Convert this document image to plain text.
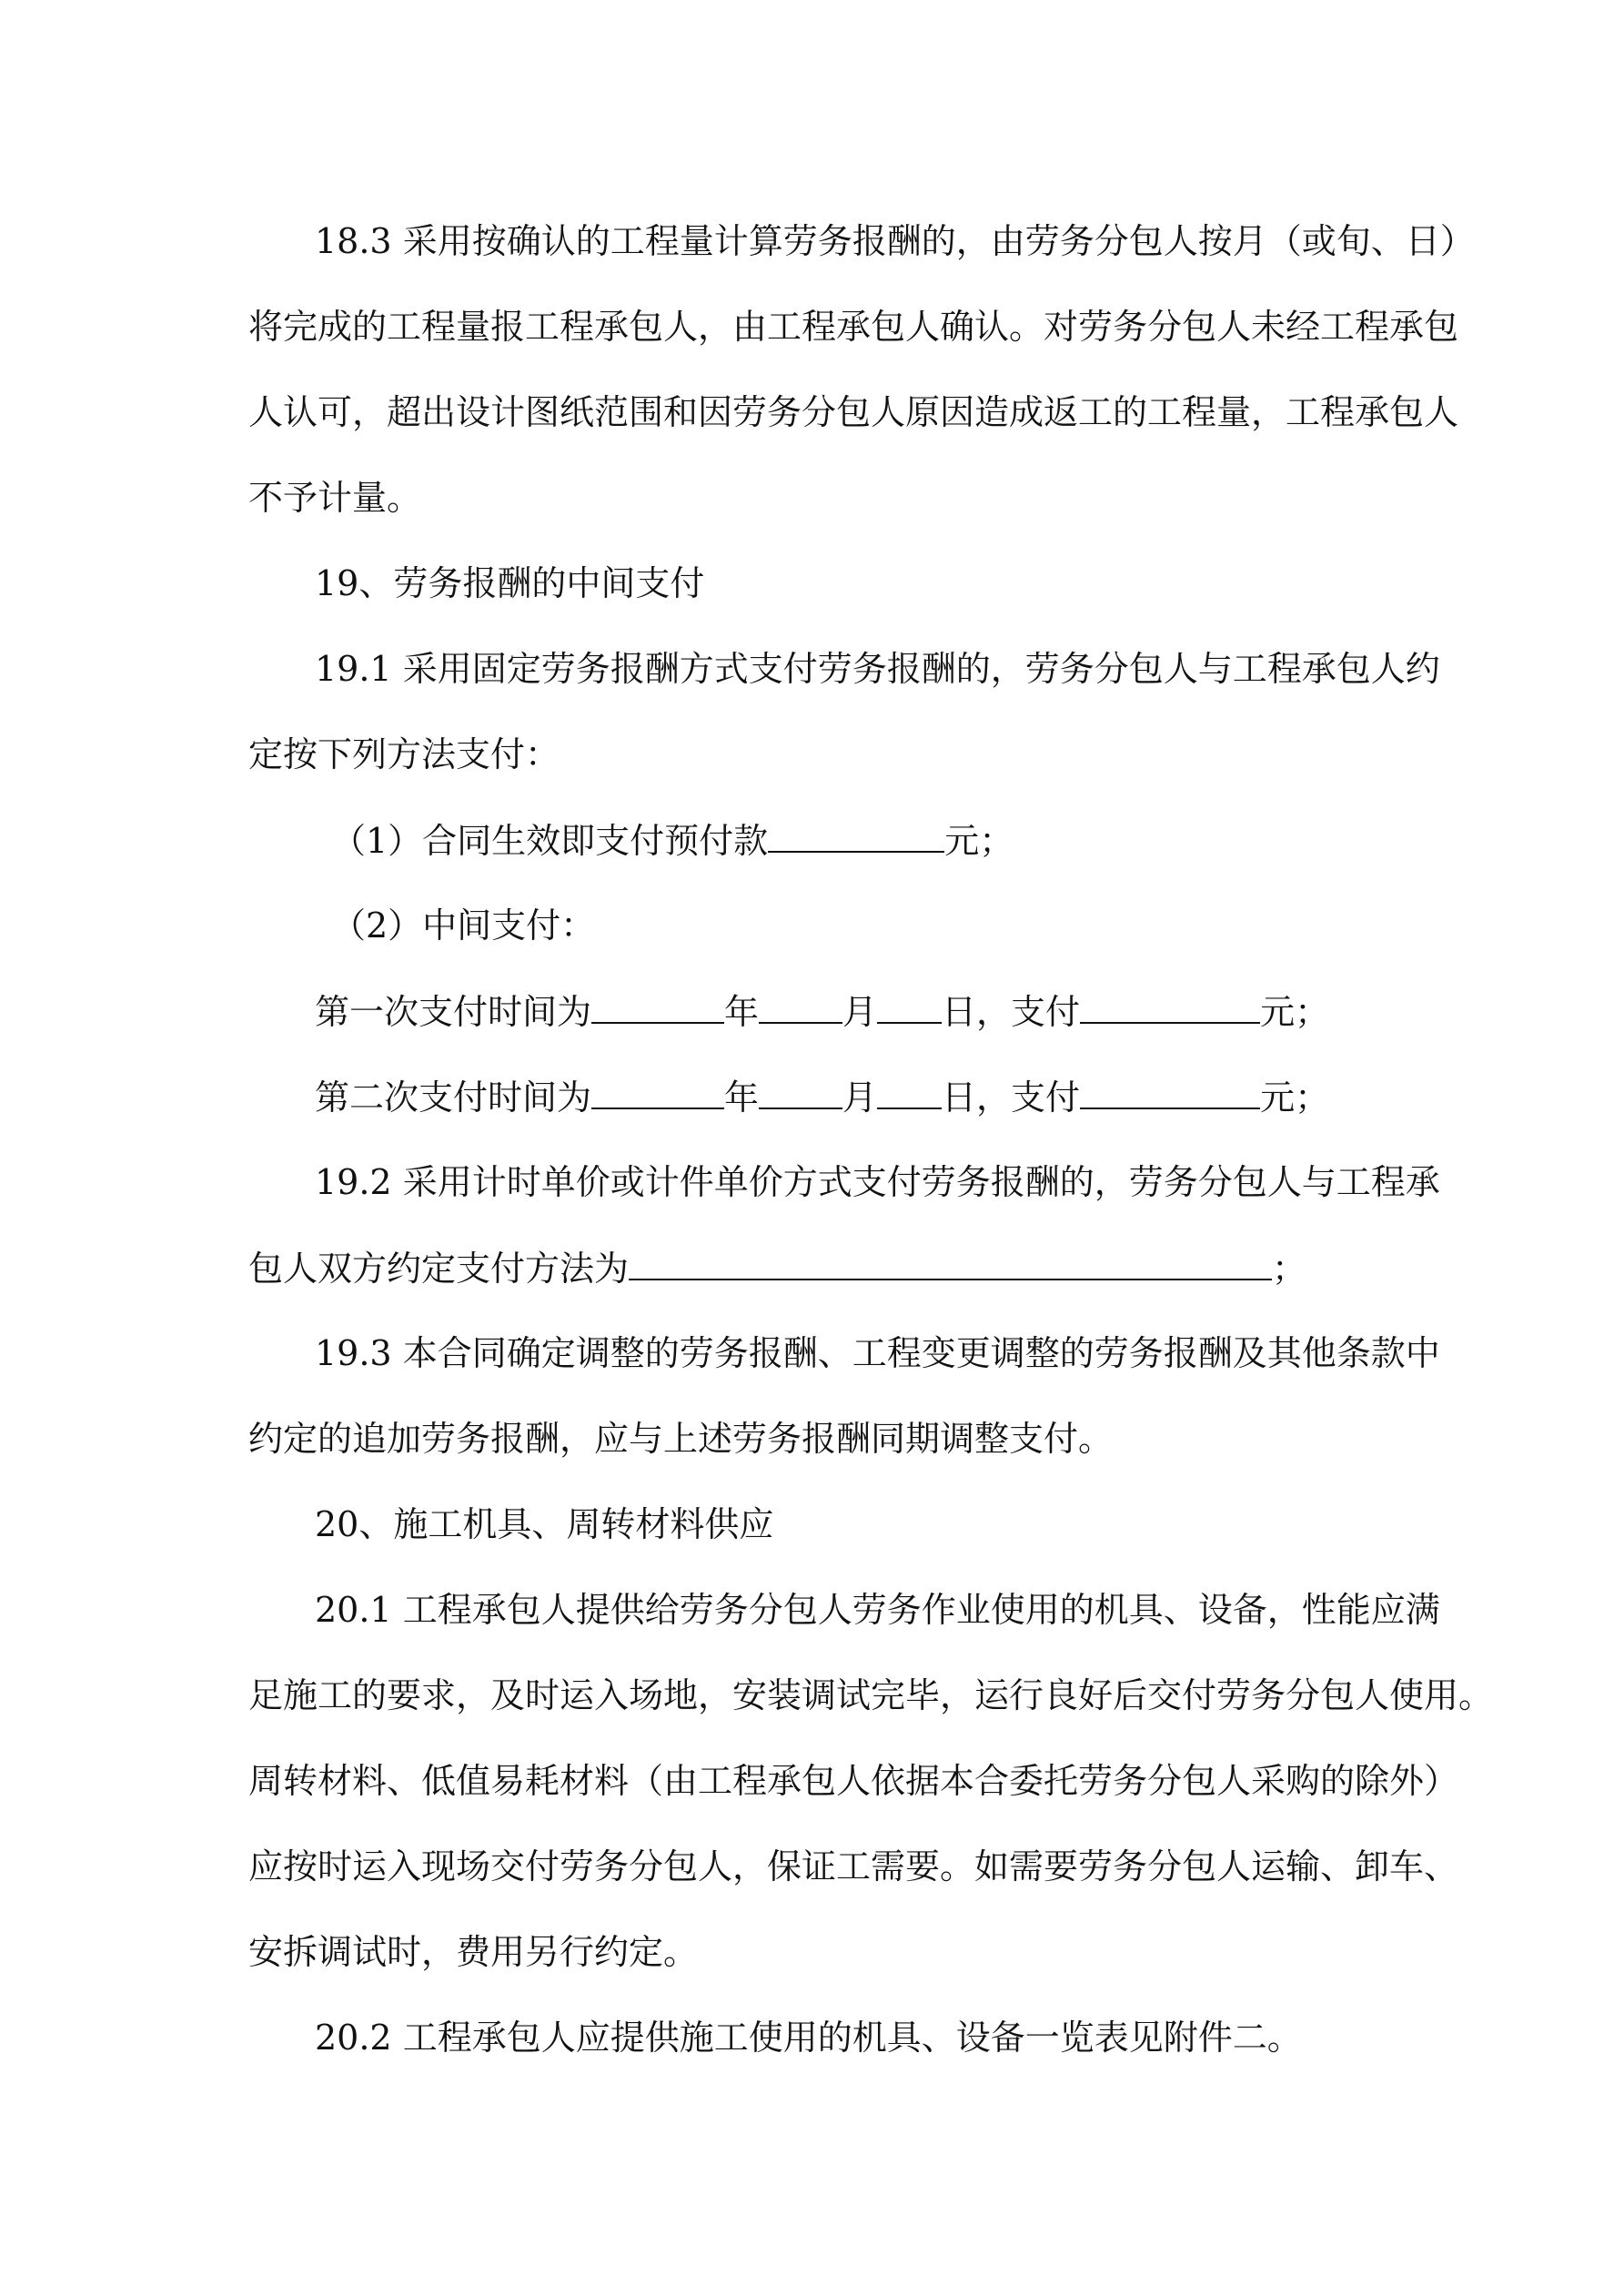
18.3 采用按确认的工程量计算劳务报酬的，由劳务分包人按月（或旬、日）
将完成的工程量报工程承包人，由工程承包人确认。对劳务分包人未经工程承包
人认可，超出设计图纸范围和因劳务分包人原因造成返工的工程量，工程承包人
不予计量。
19、劳务报酬的中间支付
19.1 采用固定劳务报酬方式支付劳务报酬的，劳务分包人与工程承包人约
定按下列方法支付：
（1）合同生效即支付预付款	元；
（2）中间支付：
第一次支付时间为	年 月 日，支付	元；
第二次支付时间为	年 月 日，支付	元；
19.2 采用计时单价或计件单价方式支付劳务报酬的，劳务分包人与工程承
包人双方约定支付方法为	；
19.3 本合同确定调整的劳务报酬、工程变更调整的劳务报酬及其他条款中
约定的追加劳务报酬，应与上述劳务报酬同期调整支付。
20、施工机具、周转材料供应
20.1 工程承包人提供给劳务分包人劳务作业使用的机具、设备，性能应满
足施工的要求，及时运入场地，安装调试完毕，运行良好后交付劳务分包人使用。
周转材料、低值易耗材料（由工程承包人依据本合委托劳务分包人采购的除外）
应按时运入现场交付劳务分包人，保证工需要。如需要劳务分包人运输、卸车、
安拆调试时，费用另行约定。
20.2 工程承包人应提供施工使用的机具、设备一览表见附件二。
